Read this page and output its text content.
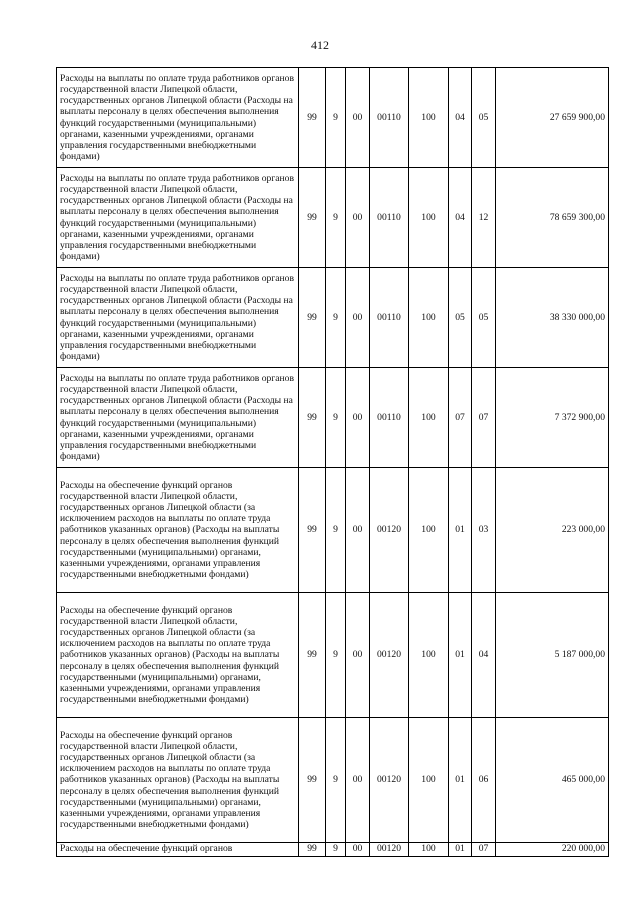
412
Расходы на выплаты по оплате труда работников органов государственной власти Липецкой области, государственных органов Липецкой области (Расходы на выплаты персоналу в целях обеспечения выполнения функций государственными (муниципальными) органами, казенными учреждениями, органами управления государственными внебюджетными фондами)	99	9	00	00110	100	04	05	27 659 900,00
Расходы на выплаты по оплате труда работников органов государственной власти Липецкой области, государственных органов Липецкой области (Расходы на выплаты персоналу в целях обеспечения выполнения функций государственными (муниципальными) органами, казенными учреждениями, органами управления государственными внебюджетными фондами)	99	9	00	00110	100	04	12	78 659 300,00
Расходы на выплаты по оплате труда работников органов государственной власти Липецкой области, государственных органов Липецкой области (Расходы на выплаты персоналу в целях обеспечения выполнения функций государственными (муниципальными) органами, казенными учреждениями, органами управления государственными внебюджетными фондами)	99	9	00	00110	100	05	05	38 330 000,00
Расходы на выплаты по оплате труда работников органов государственной власти Липецкой области, государственных органов Липецкой области (Расходы на выплаты персоналу в целях обеспечения выполнения функций государственными (муниципальными) органами, казенными учреждениями, органами управления государственными внебюджетными фондами)	99	9	00	00110	100	07	07	7 372 900,00
Расходы на обеспечение функций органов государственной власти Липецкой области, государственных органов Липецкой области (за исключением расходов на выплаты по оплате труда работников указанных органов) (Расходы на выплаты персоналу в целях обеспечения выполнения функций государственными (муниципальными) органами, казенными учреждениями, органами управления государственными внебюджетными фондами)	99	9	00	00120	100	01	03	223 000,00
Расходы на обеспечение функций органов государственной власти Липецкой области, государственных органов Липецкой области (за исключением расходов на выплаты по оплате труда работников указанных органов) (Расходы на выплаты персоналу в целях обеспечения выполнения функций государственными (муниципальными) органами, казенными учреждениями, органами управления государственными внебюджетными фондами)	99	9	00	00120	100	01	04	5 187 000,00
Расходы на обеспечение функций органов государственной власти Липецкой области, государственных органов Липецкой области (за исключением расходов на выплаты по оплате труда работников указанных органов) (Расходы на выплаты персоналу в целях обеспечения выполнения функций государственными (муниципальными) органами, казенными учреждениями, органами управления государственными внебюджетными фондами)	99	9	00	00120	100	01	06	465 000,00
Расходы на обеспечение функций органов	99	9	00	00120	100	01	07	220 000,00
